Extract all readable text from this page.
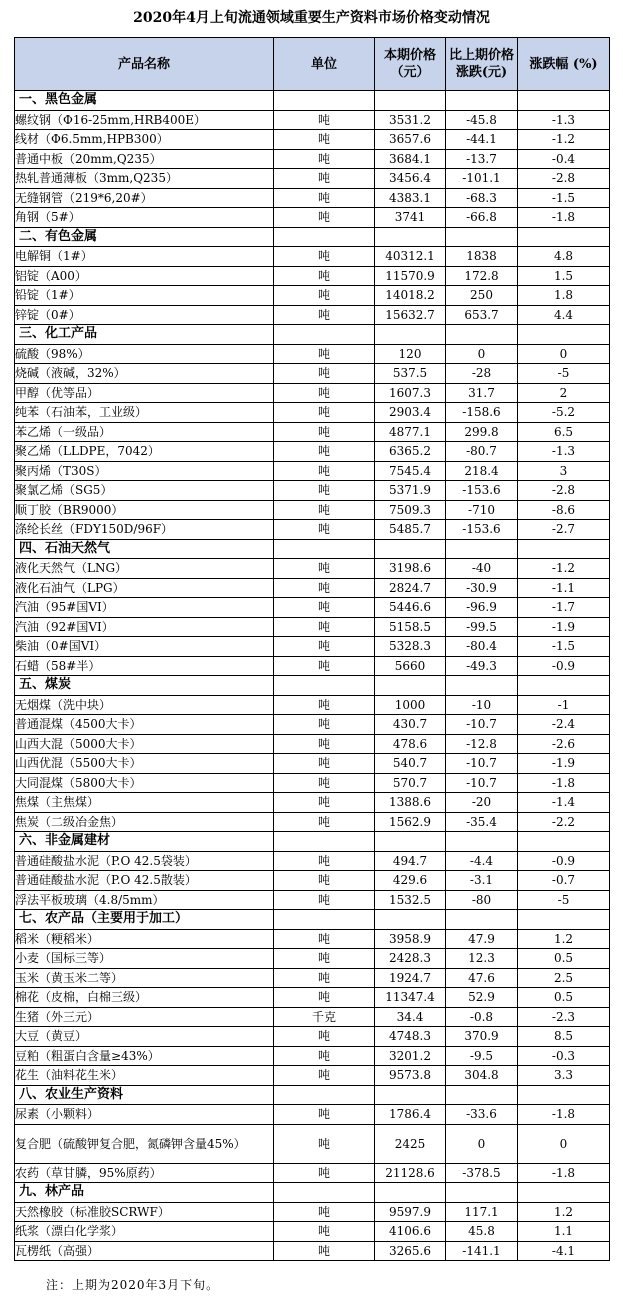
2020年4月上旬流通领域重要生产资料市场价格变动情况
产品名称	单位	本期价格（元）	比上期价格涨跌(元)	涨跌幅 (%)
一、黑色金属				
螺纹钢（Φ16-25mm,HRB400E）	吨	3531.2	-45.8	-1.3
线材（Φ6.5mm,HPB300）	吨	3657.6	-44.1	-1.2
普通中板（20mm,Q235）	吨	3684.1	-13.7	-0.4
热轧普通薄板（3mm,Q235）	吨	3456.4	-101.1	-2.8
无缝钢管（219*6,20#）	吨	4383.1	-68.3	-1.5
角钢（5#）	吨	3741	-66.8	-1.8
二、有色金属				
电解铜（1#）	吨	40312.1	1838	4.8
铝锭（A00）	吨	11570.9	172.8	1.5
铅锭（1#）	吨	14018.2	250	1.8
锌锭（0#）	吨	15632.7	653.7	4.4
三、化工产品				
硫酸（98%）	吨	120	0	0
烧碱（液碱，32%）	吨	537.5	-28	-5
甲醇（优等品）	吨	1607.3	31.7	2
纯苯（石油苯，工业级）	吨	2903.4	-158.6	-5.2
苯乙烯（一级品）	吨	4877.1	299.8	6.5
聚乙烯（LLDPE，7042）	吨	6365.2	-80.7	-1.3
聚丙烯（T30S）	吨	7545.4	218.4	3
聚氯乙烯（SG5）	吨	5371.9	-153.6	-2.8
顺丁胶（BR9000）	吨	7509.3	-710	-8.6
涤纶长丝（FDY150D/96F）	吨	5485.7	-153.6	-2.7
四、石油天然气				
液化天然气（LNG）	吨	3198.6	-40	-1.2
液化石油气（LPG）	吨	2824.7	-30.9	-1.1
汽油（95#国VI）	吨	5446.6	-96.9	-1.7
汽油（92#国VI）	吨	5158.5	-99.5	-1.9
柴油（0#国VI）	吨	5328.3	-80.4	-1.5
石蜡（58#半）	吨	5660	-49.3	-0.9
五、煤炭				
无烟煤（洗中块）	吨	1000	-10	-1
普通混煤（4500大卡）	吨	430.7	-10.7	-2.4
山西大混（5000大卡）	吨	478.6	-12.8	-2.6
山西优混（5500大卡）	吨	540.7	-10.7	-1.9
大同混煤（5800大卡）	吨	570.7	-10.7	-1.8
焦煤（主焦煤）	吨	1388.6	-20	-1.4
焦炭（二级冶金焦）	吨	1562.9	-35.4	-2.2
六、非金属建材				
普通硅酸盐水泥（P.O 42.5袋装）	吨	494.7	-4.4	-0.9
普通硅酸盐水泥（P.O 42.5散装）	吨	429.6	-3.1	-0.7
浮法平板玻璃（4.8/5mm）	吨	1532.5	-80	-5
七、农产品（主要用于加工）				
稻米（粳稻米）	吨	3958.9	47.9	1.2
小麦（国标三等）	吨	2428.3	12.3	0.5
玉米（黄玉米二等）	吨	1924.7	47.6	2.5
棉花（皮棉，白棉三级）	吨	11347.4	52.9	0.5
生猪（外三元）	千克	34.4	-0.8	-2.3
大豆（黄豆）	吨	4748.3	370.9	8.5
豆粕（粗蛋白含量≥43%）	吨	3201.2	-9.5	-0.3
花生（油料花生米）	吨	9573.8	304.8	3.3
八、农业生产资料				
尿素（小颗料）	吨	1786.4	-33.6	-1.8
复合肥（硫酸钾复合肥，氮磷钾含量45%）	吨	2425	0	0
农药（草甘膦，95%原药）	吨	21128.6	-378.5	-1.8
九、林产品				
天然橡胶（标准胶SCRWF）	吨	9597.9	117.1	1.2
纸浆（漂白化学浆）	吨	4106.6	45.8	1.1
瓦楞纸（高强）	吨	3265.6	-141.1	-4.1
注：上期为2020年3月下旬。
